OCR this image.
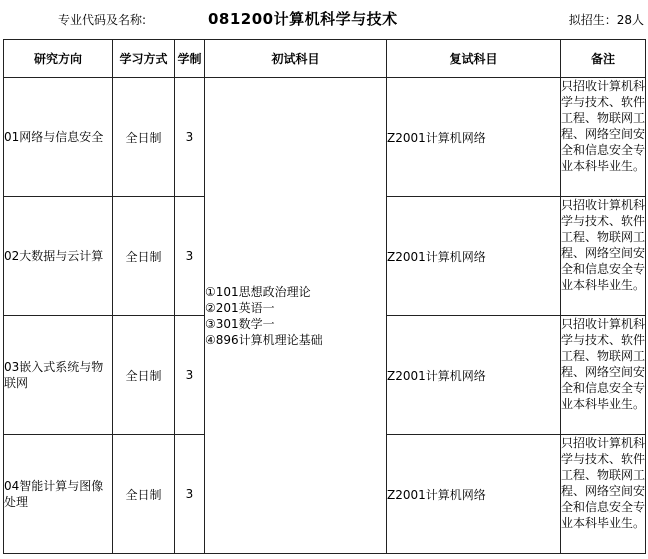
专业代码及名称:	081200计算机科学与技术	拟招生：28人
研究方向	学习方式	学制	初试科目	复试科目	备注
01网络与信息安全	全日制	3	①101思想政治理论
②201英语一
③301数学一
④896计算机理论基础	Z2001计算机网络	只招收计算机科学与技术、软件工程、物联网工程、网络空间安全和信息安全专业本科毕业生。
02大数据与云计算	全日制	3		Z2001计算机网络	只招收计算机科学与技术、软件工程、物联网工程、网络空间安全和信息安全专业本科毕业生。
03嵌入式系统与物联网	全日制	3		Z2001计算机网络	只招收计算机科学与技术、软件工程、物联网工程、网络空间安全和信息安全专业本科毕业生。
04智能计算与图像处理	全日制	3		Z2001计算机网络	只招收计算机科学与技术、软件工程、物联网工程、网络空间安全和信息安全专业本科毕业生。
